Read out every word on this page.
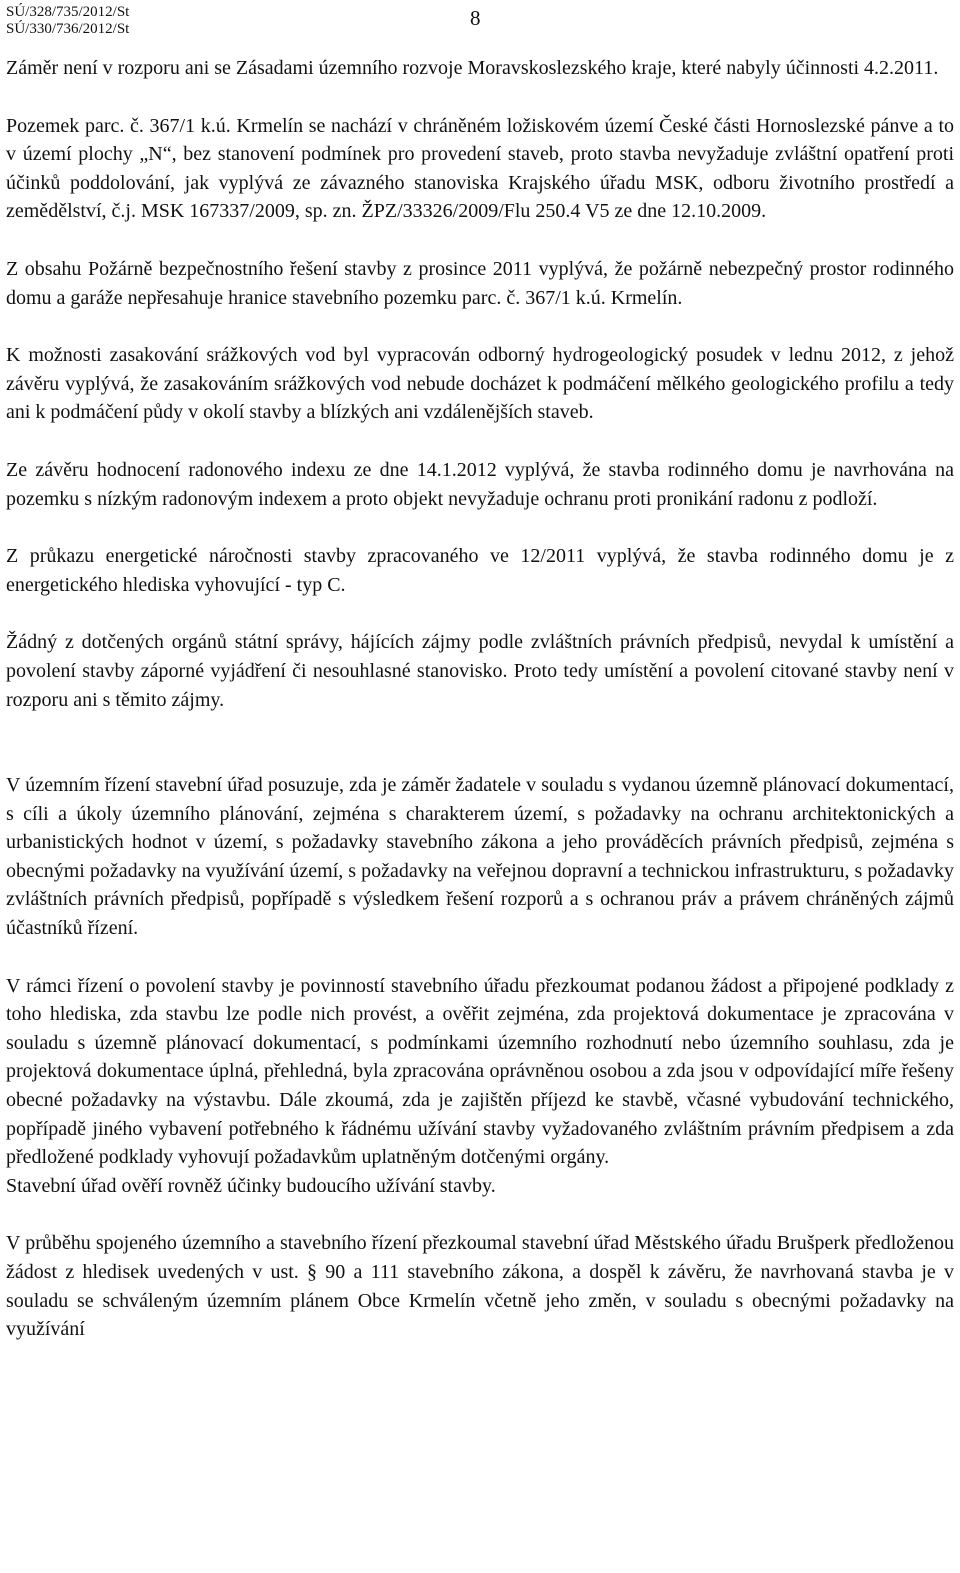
SÚ/328/735/2012/St
SÚ/330/736/2012/St	8

Záměr není v rozporu ani se Zásadami územního rozvoje Moravskoslezského kraje, které nabyly účinnosti 4.2.2011.

Pozemek parc. č. 367/1 k.ú. Krmelín se nachází v chráněném ložiskovém území České části Hornoslezské pánve a to v území plochy „N“, bez stanovení podmínek pro provedení staveb, proto stavba nevyžaduje zvláštní opatření proti účinků poddolování, jak vyplývá ze závazného stanoviska Krajského úřadu MSK, odboru životního prostředí a zemědělství, č.j. MSK 167337/2009, sp. zn. ŽPZ/33326/2009/Flu 250.4 V5 ze dne 12.10.2009.

Z obsahu Požárně bezpečnostního řešení stavby z prosince 2011 vyplývá, že požárně nebezpečný prostor rodinného domu a garáže nepřesahuje hranice stavebního pozemku parc. č. 367/1 k.ú. Krmelín.

K možnosti zasakování srážkových vod byl vypracován odborný hydrogeologický posudek v lednu 2012, z jehož závěru vyplývá, že zasakováním srážkových vod nebude docházet k podmáčení mělkého geologického profilu a tedy ani k podmáčení půdy v okolí stavby a blízkých ani vzdálenějších staveb.

Ze závěru hodnocení radonového indexu ze dne 14.1.2012 vyplývá, že stavba rodinného domu je navrhována na pozemku s nízkým radonovým indexem a proto objekt nevyžaduje ochranu proti pronikání radonu z podloží.

Z průkazu energetické náročnosti stavby zpracovaného ve 12/2011 vyplývá, že stavba rodinného domu je z energetického hlediska vyhovující - typ C.

Žádný z dotčených orgánů státní správy, hájících zájmy podle zvláštních právních předpisů, nevydal k umístění a povolení stavby záporné vyjádření či nesouhlasné stanovisko. Proto tedy umístění a povolení citované stavby není v rozporu ani s těmito zájmy.

V územním řízení stavební úřad posuzuje, zda je záměr žadatele v souladu s vydanou územně plánovací dokumentací, s cíli a úkoly územního plánování, zejména s charakterem území, s požadavky na ochranu architektonických a urbanistických hodnot v území, s požadavky stavebního zákona a jeho prováděcích právních předpisů, zejména s obecnými požadavky na využívání území, s požadavky na veřejnou dopravní a technickou infrastrukturu, s požadavky zvláštních právních předpisů, popřípadě s výsledkem řešení rozporů a s ochranou práv a právem chráněných zájmů účastníků řízení.

V rámci řízení o povolení stavby je povinností stavebního úřadu přezkoumat podanou žádost a připojené podklady z toho hlediska, zda stavbu lze podle nich provést, a ověřit zejména, zda projektová dokumentace je zpracována v souladu s územně plánovací dokumentací, s podmínkami územního rozhodnutí nebo územního souhlasu, zda je projektová dokumentace úplná, přehledná, byla zpracována oprávněnou osobou a zda jsou v odpovídající míře řešeny obecné požadavky na výstavbu. Dále zkoumá, zda je zajištěn příjezd ke stavbě, včasné vybudování technického, popřípadě jiného vybavení potřebného k řádnému užívání stavby vyžadovaného zvláštním právním předpisem a zda předložené podklady vyhovují požadavkům uplatněným dotčenými orgány.

Stavební úřad ověří rovněž účinky budoucího užívání stavby.

V průběhu spojeného územního a stavebního řízení přezkoumal stavební úřad Městského úřadu Brušperk předloženou žádost z hledisek uvedených v ust. § 90 a 111 stavebního zákona, a dospěl k závěru, že navrhovaná stavba je v souladu se schváleným územním plánem Obce Krmelín včetně jeho změn, v souladu s obecnými požadavky na využívání
